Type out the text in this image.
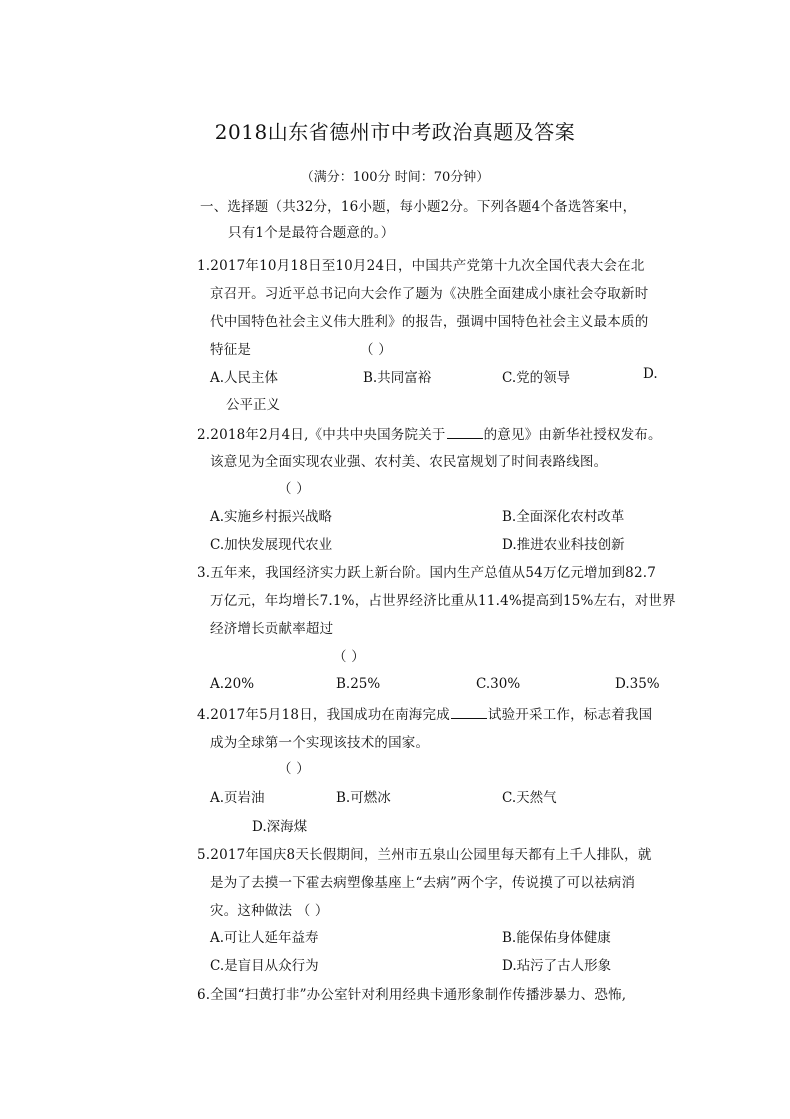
2018山东省德州市中考政治真题及答案
（满分：100分 时间：70分钟）
一、选择题（共32分，16小题，每小题2分。下列各题4个备选答案中，
只有1个是最符合题意的。）
1.2017年10月18日至10月24日，中国共产党第十九次全国代表大会在北
京召开。习近平总书记向大会作了题为《决胜全面建成小康社会夺取新时
代中国特色社会主义伟大胜利》的报告，强调中国特色社会主义最本质的
特征是	（ ）
A.人民主体	B.共同富裕	C.党的领导	D.
公平正义
2.2018年2月4日,《中共中央国务院关于	的意见》由新华社授权发布。
该意见为全面实现农业强、农村美、农民富规划了时间表路线图。
（ ）
A.实施乡村振兴战略	B.全面深化农村改革
C.加快发展现代农业	D.推进农业科技创新
3.五年来，我国经济实力跃上新台阶。国内生产总值从54万亿元增加到82.7
万亿元，年均增长7.1%，占世界经济比重从11.4%提高到15%左右，对世界
经济增长贡献率超过
（ ）
A.20%	B.25%	C.30%	D.35%
4.2017年5月18日，我国成功在南海完成	试验开采工作，标志着我国
成为全球第一个实现该技术的国家。
（ ）
A.页岩油	B.可燃冰	C.天然气
D.深海煤
5.2017年国庆8天长假期间，兰州市五泉山公园里每天都有上千人排队，就
是为了去摸一下霍去病塑像基座上“去病”两个字，传说摸了可以祛病消
灾。这种做法 （ ）
A.可让人延年益寿	B.能保佑身体健康
C.是盲目从众行为	D.玷污了古人形象
6.全国“扫黄打非”办公室针对利用经典卡通形象制作传播涉暴力、恐怖,
